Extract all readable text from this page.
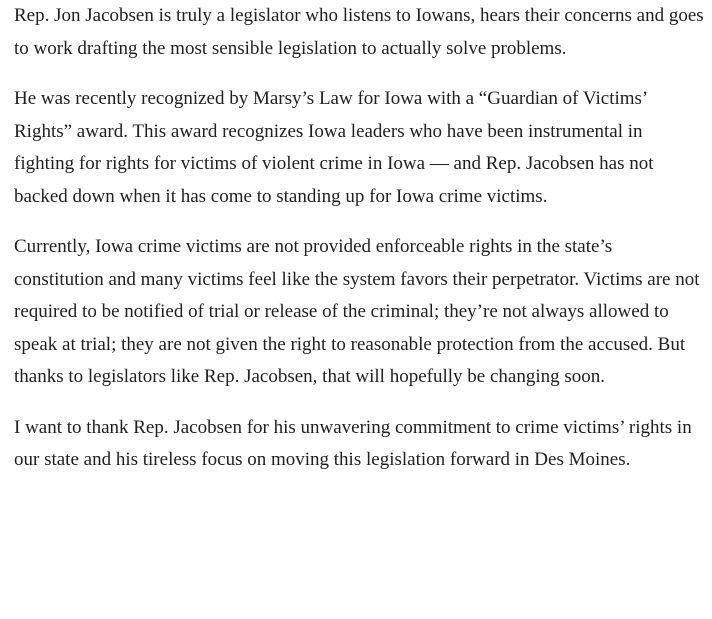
Rep. Jon Jacobsen is truly a legislator who listens to Iowans, hears their concerns and goes to work drafting the most sensible legislation to actually solve problems.

He was recently recognized by Marsy’s Law for Iowa with a “Guardian of Victims’ Rights” award. This award recognizes Iowa leaders who have been instrumental in fighting for rights for victims of violent crime in Iowa — and Rep. Jacobsen has not backed down when it has come to standing up for Iowa crime victims.

Currently, Iowa crime victims are not provided enforceable rights in the state’s constitution and many victims feel like the system favors their perpetrator. Victims are not required to be notified of trial or release of the criminal; they’re not always allowed to speak at trial; they are not given the right to reasonable protection from the accused. But thanks to legislators like Rep. Jacobsen, that will hopefully be changing soon.

I want to thank Rep. Jacobsen for his unwavering commitment to crime victims’ rights in our state and his tireless focus on moving this legislation forward in Des Moines.
